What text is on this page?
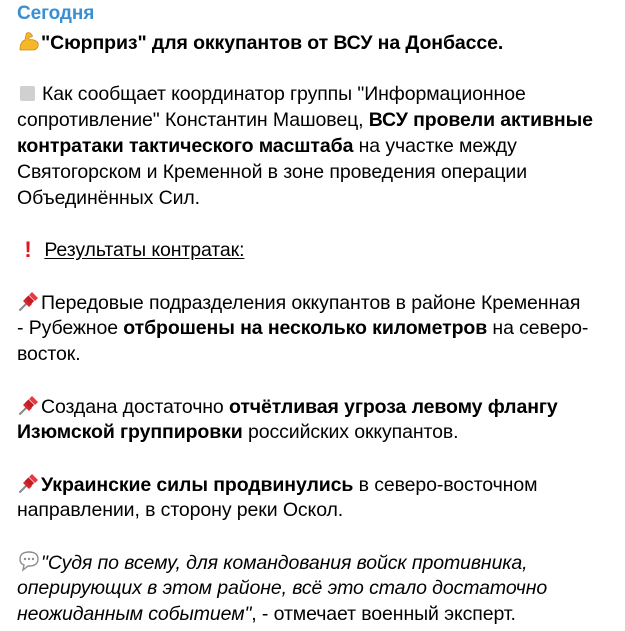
Сегодня
"Сюрприз" для оккупантов от ВСУ на Донбассе.
Как сообщает координатор группы "Информационное
сопротивление" Константин Машовец, ВСУ провели активные
контратаки тактического масштаба на участке между
Святогорском и Кременной в зоне проведения операции
Объединённых Сил.
! Результаты контратак:
Передовые подразделения оккупантов в районе Кременная
- Рубежное отброшены на несколько километров на северо-
восток.
Создана достаточно отчётливая угроза левому флангу
Изюмской группировки российских оккупантов.
Украинские силы продвинулись в северо-восточном
направлении, в сторону реки Оскол.
"Судя по всему, для командования войск противника,
оперирующих в этом районе, всё это стало достаточно
неожиданным событием", - отмечает военный эксперт.
